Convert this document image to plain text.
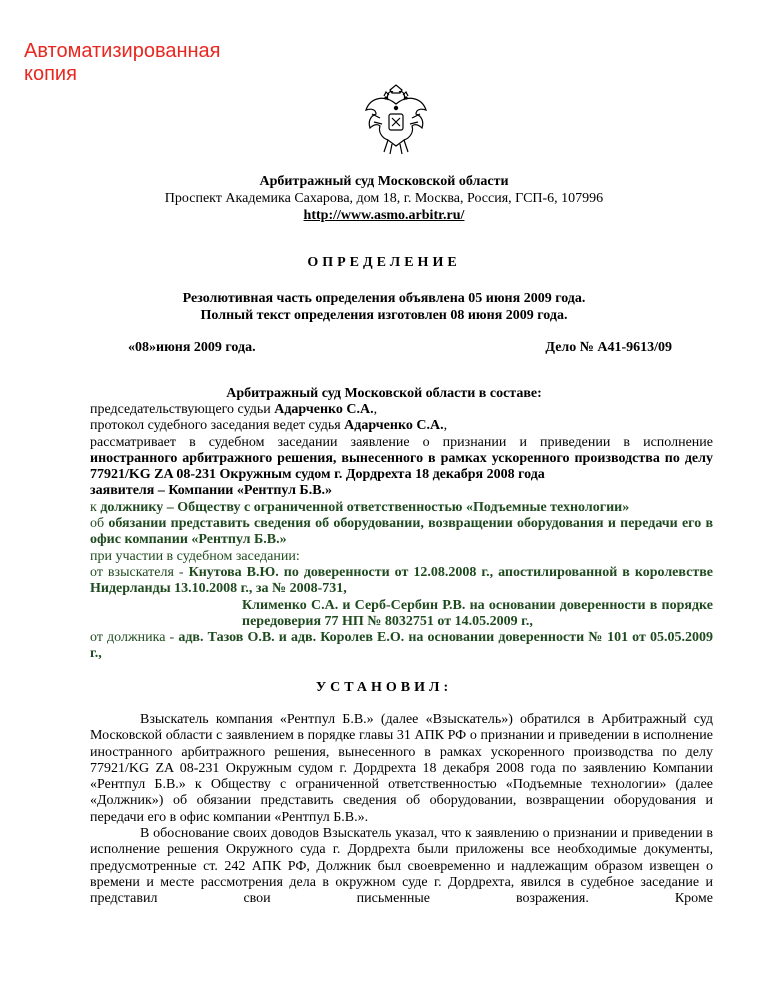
Автоматизированная
копия
Арбитражный суд Московской области
Проспект Академика Сахарова, дом 18, г. Москва, Россия, ГСП-6, 107996
http://www.asmo.arbitr.ru/
ОПРЕДЕЛЕНИЕ
Резолютивная часть определения объявлена 05 июня 2009 года.
Полный текст определения изготовлен 08 июня 2009 года.
«08»июня 2009 года.	Дело № А41-9613/09
Арбитражный суд Московской области в составе:
председательствующего судьи Адарченко С.А.,
протокол судебного заседания ведет судья Адарченко С.А.,
рассматривает в судебном заседании заявление о признании и приведении в исполнение
иностранного арбитражного решения, вынесенного в рамках ускоренного производства по делу 77921/KG ZA 08-231 Окружным судом г. Дордрехта 18 декабря 2008 года
заявителя – Компании «Рентпул Б.В.»
к должнику – Обществу с ограниченной ответственностью «Подъемные технологии»
об обязании представить сведения об оборудовании, возвращении оборудования и передачи его в офис компании «Рентпул Б.В.»
при участии в судебном заседании:
от взыскателя - Кнутова В.Ю. по доверенности от 12.08.2008 г., апостилированной в королевстве Нидерланды 13.10.2008 г., за № 2008-731,
Клименко С.А. и Серб-Сербин Р.В. на основании доверенности в порядке передоверия 77 НП № 8032751 от 14.05.2009 г.,
от должника - адв. Тазов О.В. и адв. Королев Е.О. на основании доверенности № 101 от 05.05.2009 г.,
УСТАНОВИЛ:

Взыскатель компания «Рентпул Б.В.» (далее «Взыскатель») обратился в Арбитражный суд Московской области с заявлением в порядке главы 31 АПК РФ о признании и приведении в исполнение иностранного арбитражного решения, вынесенного в рамках ускоренного производства по делу 77921/KG ZA 08-231 Окружным судом г. Дордрехта 18 декабря 2008 года по заявлению Компании «Рентпул Б.В.» к Обществу с ограниченной ответственностью «Подъемные технологии» (далее «Должник») об обязании представить сведения об оборудовании, возвращении оборудования и передачи его в офис компании «Рентпул Б.В.».

В обоснование своих доводов Взыскатель указал, что к заявлению о признании и приведении в исполнение решения Окружного суда г. Дордрехта были приложены все необходимые документы, предусмотренные ст. 242 АПК РФ, Должник был своевременно и надлежащим образом извещен о времени и месте рассмотрения дела в окружном суде г. Дордрехта, явился в судебное заседание и представил свои письменные возражения. Кроме
